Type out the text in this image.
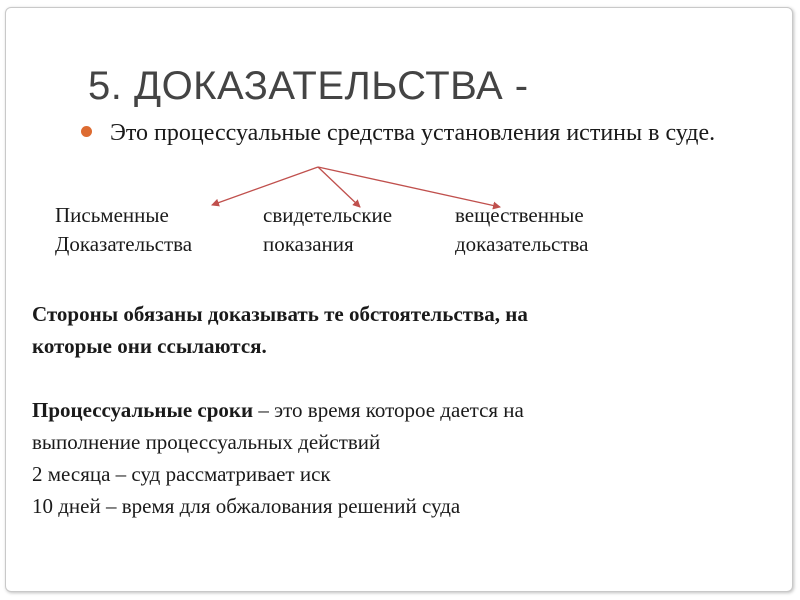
5. ДОКАЗАТЕЛЬСТВА -
Это процессуальные средства установления истины в суде.
Письменные
Доказательства
свидетельские
показания
вещественные
доказательства
Стороны обязаны доказывать те обстоятельства, на
которые они ссылаются.
Процессуальные сроки – это время которое дается на
выполнение процессуальных действий
2 месяца – суд рассматривает иск
10 дней – время для обжалования решений суда
